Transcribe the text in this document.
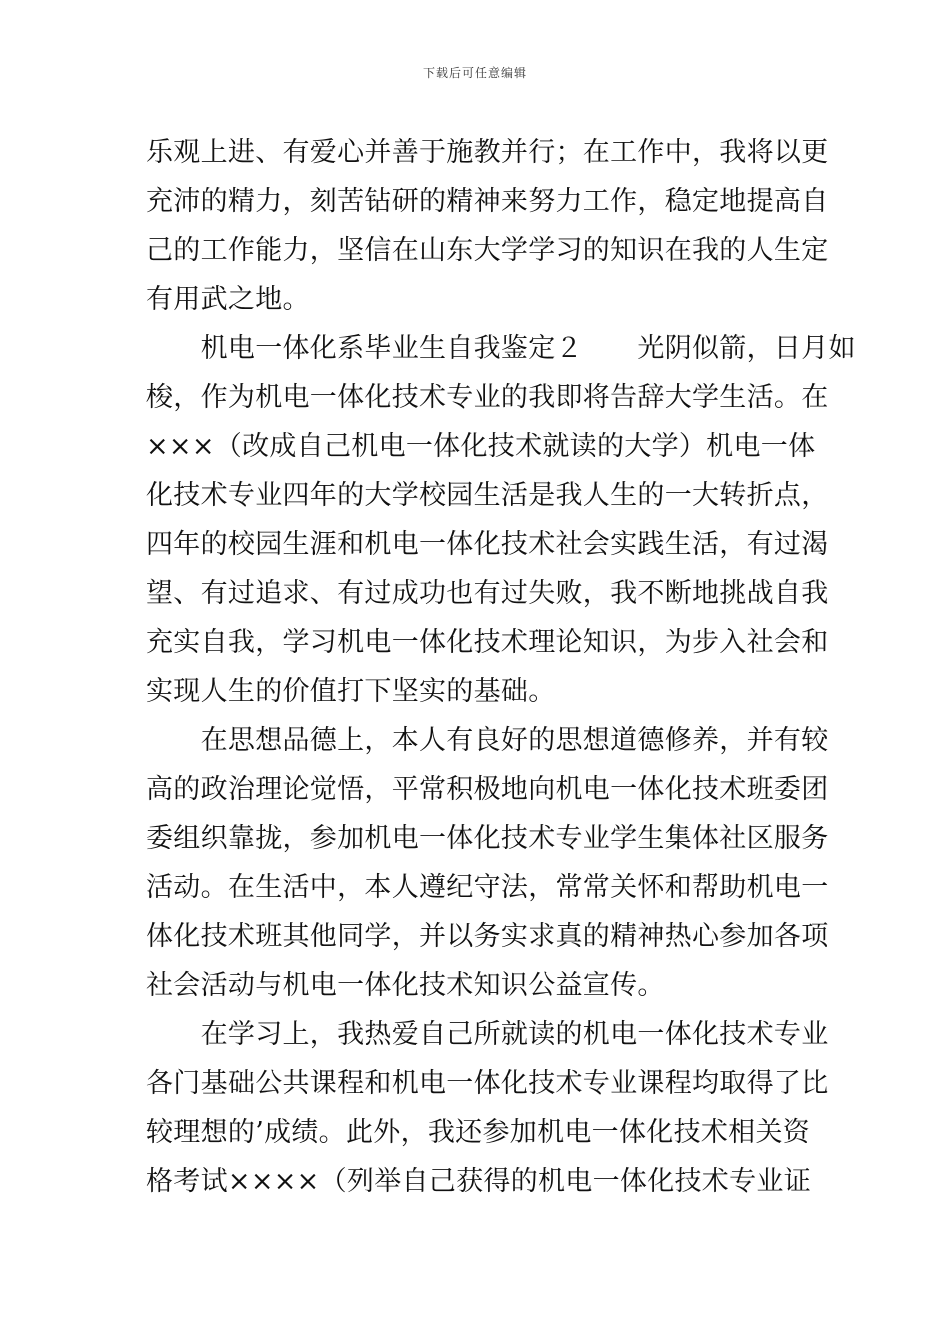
下载后可任意编辑
乐观上进、有爱心并善于施教并行；在工作中，我将以更
充沛的精力，刻苦钻研的精神来努力工作，稳定地提高自
己的工作能力，坚信在山东大学学习的知识在我的人生定
有用武之地。
　　机电一体化系毕业生自我鉴定２　　光阴似箭，日月如
梭，作为机电一体化技术专业的我即将告辞大学生活。在
×××（改成自己机电一体化技术就读的大学）机电一体
化技术专业四年的大学校园生活是我人生的一大转折点，
四年的校园生涯和机电一体化技术社会实践生活，有过渴
望、有过追求、有过成功也有过失败，我不断地挑战自我
充实自我，学习机电一体化技术理论知识，为步入社会和
实现人生的价值打下坚实的基础。
　　在思想品德上，本人有良好的思想道德修养，并有较
高的政治理论觉悟，平常积极地向机电一体化技术班委团
委组织靠拢，参加机电一体化技术专业学生集体社区服务
活动。在生活中，本人遵纪守法，常常关怀和帮助机电一
体化技术班其他同学，并以务实求真的精神热心参加各项
社会活动与机电一体化技术知识公益宣传。
　　在学习上，我热爱自己所就读的机电一体化技术专业
各门基础公共课程和机电一体化技术专业课程均取得了比
较理想的’成绩。此外，我还参加机电一体化技术相关资
格考试××××（列举自己获得的机电一体化技术专业证
